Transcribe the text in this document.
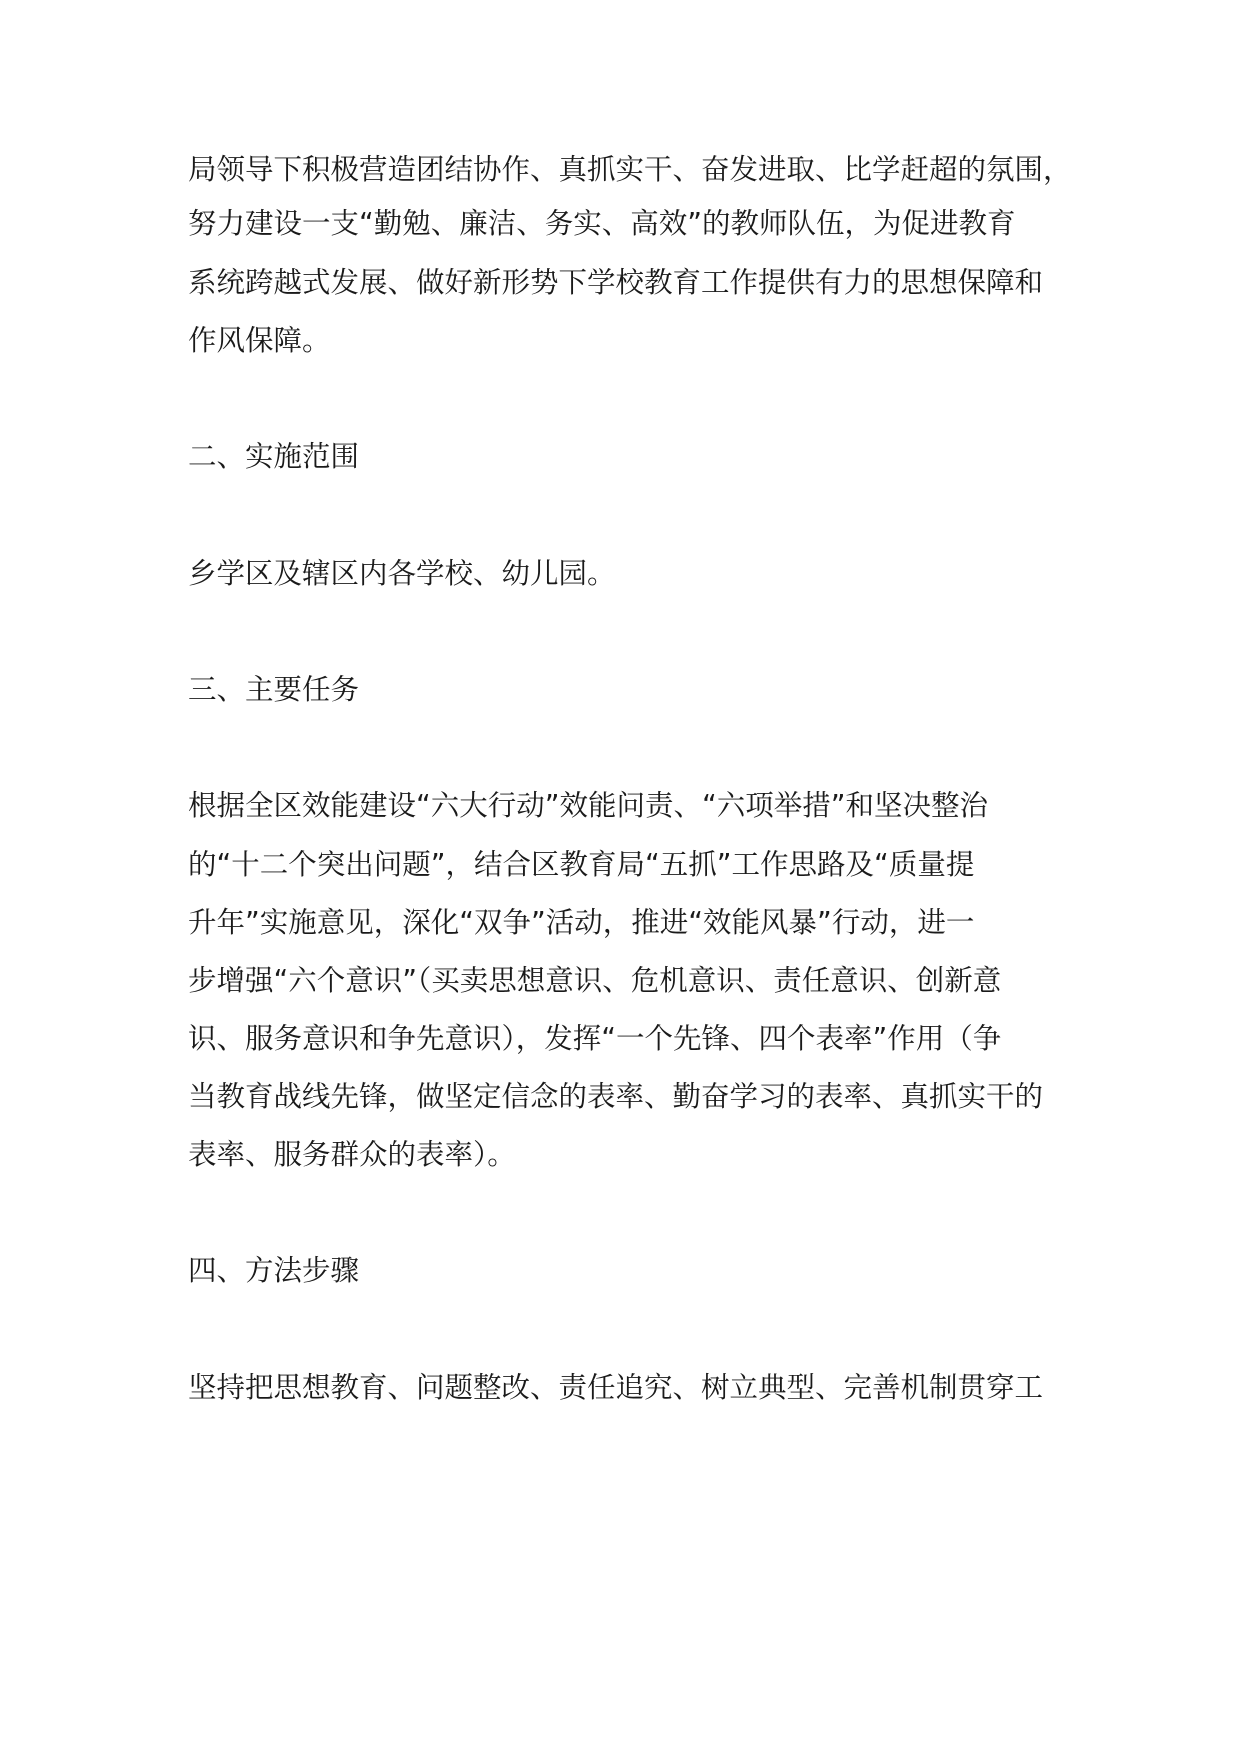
局领导下积极营造团结协作、真抓实干、奋发进取、比学赶超的氛围，
努力建设一支“勤勉、廉洁、务实、高效”的教师队伍，为促进教育
系统跨越式发展、做好新形势下学校教育工作提供有力的思想保障和
作风保障。
二、实施范围
乡学区及辖区内各学校、幼儿园。
三、主要任务
根据全区效能建设“六大行动”效能问责、“六项举措”和坚决整治
的“十二个突出问题”，结合区教育局“五抓”工作思路及“质量提
升年”实施意见，深化“双争”活动，推进“效能风暴”行动，进一
步增强“六个意识”（买卖思想意识、危机意识、责任意识、创新意
识、服务意识和争先意识），发挥“一个先锋、四个表率”作用（争
当教育战线先锋，做坚定信念的表率、勤奋学习的表率、真抓实干的
表率、服务群众的表率）。
四、方法步骤
坚持把思想教育、问题整改、责任追究、树立典型、完善机制贯穿工
